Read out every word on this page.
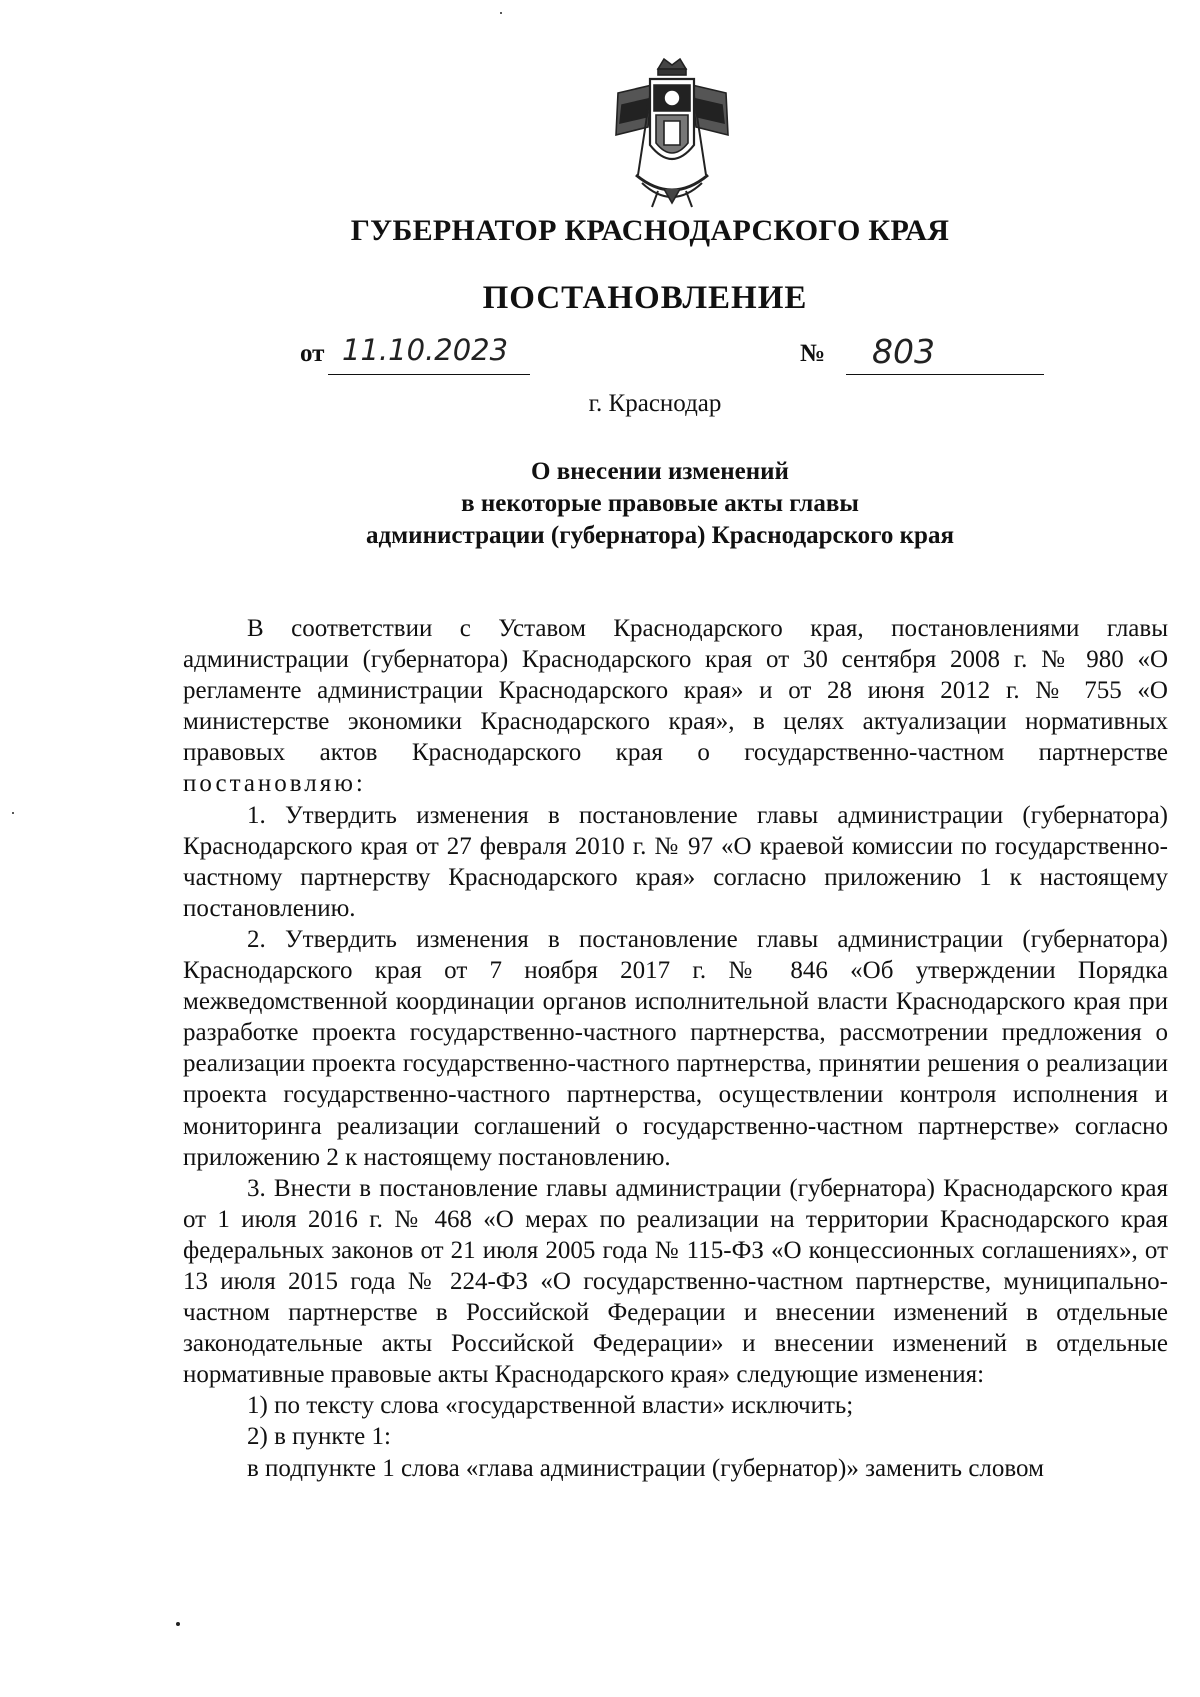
ГУБЕРНАТОР КРАСНОДАРСКОГО КРАЯ
ПОСТАНОВЛЕНИЕ
от 11.10.2023	№ 803
г. Краснодар
О внесении изменений
в некоторые правовые акты главы
администрации (губернатора) Краснодарского края

В соответствии с Уставом Краснодарского края, постановлениями главы администрации (губернатора) Краснодарского края от 30 сентября 2008 г. № 980 «О регламенте администрации Краснодарского края» и от 28 июня 2012 г. № 755 «О министерстве экономики Краснодарского края», в целях актуализации нормативных правовых актов Краснодарского края о государственно-частном партнерстве постановляю:

1. Утвердить изменения в постановление главы администрации (губернатора) Краснодарского края от 27 февраля 2010 г. № 97 «О краевой комиссии по государственно-частному партнерству Краснодарского края» согласно приложению 1 к настоящему постановлению.

2. Утвердить изменения в постановление главы администрации (губернатора) Краснодарского края от 7 ноября 2017 г. № 846 «Об утверждении Порядка межведомственной координации органов исполнительной власти Краснодарского края при разработке проекта государственно-частного партнерства, рассмотрении предложения о реализации проекта государственно-частного партнерства, принятии решения о реализации проекта государственно-частного партнерства, осуществлении контроля исполнения и мониторинга реализации соглашений о государственно-частном партнерстве» согласно приложению 2 к настоящему постановлению.

3. Внести в постановление главы администрации (губернатора) Краснодарского края от 1 июля 2016 г. № 468 «О мерах по реализации на территории Краснодарского края федеральных законов от 21 июля 2005 года № 115-ФЗ «О концессионных соглашениях», от 13 июля 2015 года № 224-ФЗ «О государственно-частном партнерстве, муниципально-частном партнерстве в Российской Федерации и внесении изменений в отдельные законодательные акты Российской Федерации» и внесении изменений в отдельные нормативные правовые акты Краснодарского края» следующие изменения:

1) по тексту слова «государственной власти» исключить;

2) в пункте 1:

в подпункте 1 слова «глава администрации (губернатор)» заменить словом
